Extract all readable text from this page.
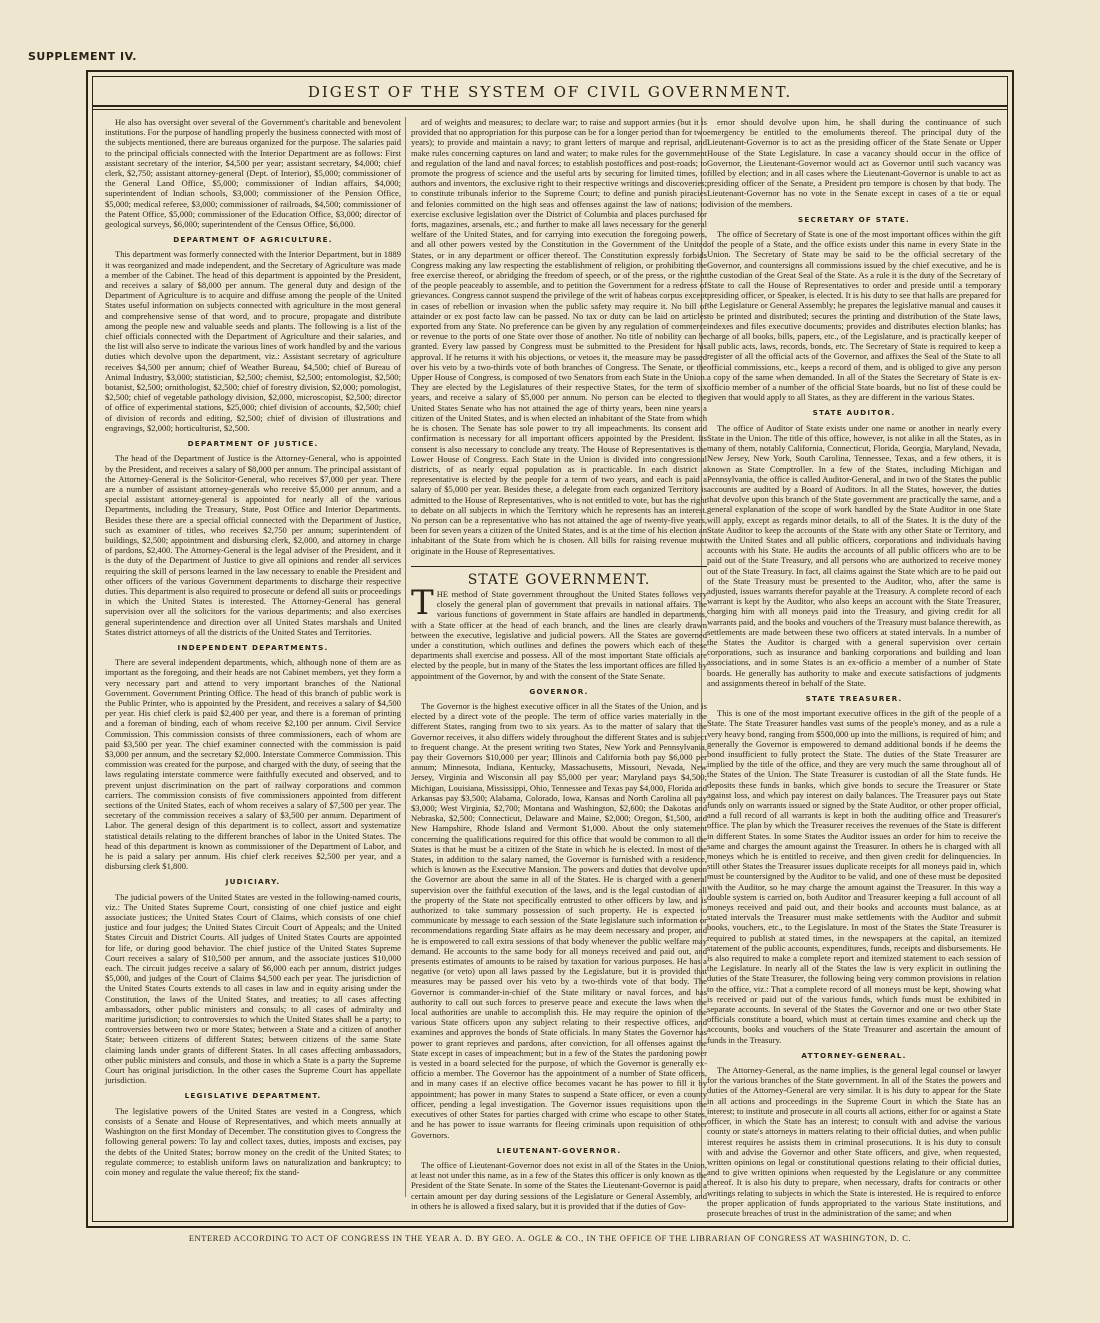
SUPPLEMENT IV.
DIGEST OF THE SYSTEM OF CIVIL GOVERNMENT.

He also has oversight over several of the Government's charitable and benevolent institutions. For the purpose of handling properly the business connected with most of the subjects mentioned, there are bureaus organized for the purpose. The salaries paid to the principal officials connected with the Interior Department are as follows: First assistant secretary of the interior, $4,500 per year; assistant secretary, $4,000; chief clerk, $2,750; assistant attorney-general (Dept. of Interior), $5,000; commissioner of the General Land Office, $5,000; commissioner of Indian affairs, $4,000; superintendent of Indian schools, $3,000; commissioner of the Pension Office, $5,000; medical referee, $3,000; commissioner of railroads, $4,500; commissioner of the Patent Office, $5,000; commissioner of the Education Office, $3,000; director of geological surveys, $6,000; superintendent of the Census Office, $6,000.

DEPARTMENT OF AGRICULTURE.

This department was formerly connected with the Interior Department, but in 1889 it was reorganized and made independent, and the Secretary of Agriculture was made a member of the Cabinet. The head of this department is appointed by the President, and receives a salary of $8,000 per annum. The general duty and design of the Department of Agriculture is to acquire and diffuse among the people of the United States useful information on subjects connected with agriculture in the most general and comprehensive sense of that word, and to procure, propagate and distribute among the people new and valuable seeds and plants. The following is a list of the chief officials connected with the Department of Agriculture and their salaries, and the list will also serve to indicate the various lines of work handled by and the various duties which devolve upon the department, viz.: Assistant secretary of agriculture receives $4,500 per annum; chief of Weather Bureau, $4,500; chief of Bureau of Animal Industry, $3,000; statistician, $2,500; chemist, $2,500; entomologist, $2,500; botanist, $2,500; ornithologist, $2,500; chief of forestry division, $2,000; pomologist, $2,500; chief of vegetable pathology division, $2,000, microscopist, $2,500; director of office of experimental stations, $25,000; chief division of accounts, $2,500; chief of division of records and editing, $2,500; chief of division of illustrations and engravings, $2,000; horticulturist, $2,500.

DEPARTMENT OF JUSTICE.

The head of the Department of Justice is the Attorney-General, who is appointed by the President, and receives a salary of $8,000 per annum. The principal assistant of the Attorney-General is the Solicitor-General, who receives $7,000 per year. There are a number of assistant attorney-generals who receive $5,000 per annum, and a special assistant attorney-general is appointed for nearly all of the various Departments, including the Treasury, State, Post Office and Interior Departments. Besides these there are a special official connected with the Department of Justice, such as examiner of titles, who receives $2,750 per annum; superintendent of buildings, $2,500; appointment and disbursing clerk, $2,000, and attorney in charge of pardons, $2,400. The Attorney-General is the legal adviser of the President, and it is the duty of the Department of Justice to give all opinions and render all services requiring the skill of persons learned in the law necessary to enable the President and other officers of the various Government departments to discharge their respective duties. This department is also required to prosecute or defend all suits or proceedings in which the United States is interested. The Attorney-General has general supervision over all the solicitors for the various departments; and also exercises general superintendence and direction over all United States marshals and United States district attorneys of all the districts of the United States and Territories.

INDEPENDENT DEPARTMENTS.

There are several independent departments, which, although none of them are as important as the foregoing, and their heads are not Cabinet members, yet they form a very necessary part and attend to very important branches of the National Government. Government Printing Office. The head of this branch of public work is the Public Printer, who is appointed by the President, and receives a salary of $4,500 per year. His chief clerk is paid $2,400 per year, and there is a foreman of printing and a foreman of binding, each of whom receive $2,100 per annum. Civil Service Commission. This commission consists of three commissioners, each of whom are paid $3,500 per year. The chief examiner connected with the commission is paid $3,000 per annum, and the secretary $2,000. Interstate Commerce Commission. This commission was created for the purpose, and charged with the duty, of seeing that the laws regulating interstate commerce were faithfully executed and observed, and to prevent unjust discrimination on the part of railway corporations and common carriers. The commission consists of five commissioners appointed from different sections of the United States, each of whom receives a salary of $7,500 per year. The secretary of the commission receives a salary of $3,500 per annum. Department of Labor. The general design of this department is to collect, assort and systematize statistical details relating to the different branches of labor in the United States. The head of this department is known as commissioner of the Department of Labor, and he is paid a salary per annum. His chief clerk receives $2,500 per year, and a disbursing clerk $1,800.

JUDICIARY.

The judicial powers of the United States are vested in the following-named courts, viz.: The United States Supreme Court, consisting of one chief justice and eight associate justices; the United States Court of Claims, which consists of one chief justice and four judges; the United States Circuit Court of Appeals; and the United States Circuit and District Courts. All judges of United States Courts are appointed for life, or during good behavior. The chief justice of the United States Supreme Court receives a salary of $10,500 per annum, and the associate justices $10,000 each. The circuit judges receive a salary of $6,000 each per annum, district judges $5,000, and judges of the Court of Claims $4,500 each per year. The jurisdiction of the United States Courts extends to all cases in law and in equity arising under the Constitution, the laws of the United States, and treaties; to all cases affecting ambassadors, other public ministers and consuls; to all cases of admiralty and maritime jurisdiction; to controversies to which the United States shall be a party; to controversies between two or more States; between a State and a citizen of another State; between citizens of different States; between citizens of the same State claiming lands under grants of different States. In all cases affecting ambassadors, other public ministers and consuls, and those in which a State is a party the Supreme Court has original jurisdiction. In the other cases the Supreme Court has appellate jurisdiction.

LEGISLATIVE DEPARTMENT.

The legislative powers of the United States are vested in a Congress, which consists of a Senate and House of Representatives, and which meets annually at Washington on the first Monday of December. The constitution gives to Congress the following general powers: To lay and collect taxes, duties, imposts and excises, pay the debts of the United States; borrow money on the credit of the United States; to regulate commerce; to establish uniform laws on naturalization and bankruptcy; to coin money and regulate the value thereof; fix the stand-

ard of weights and measures; to declare war; to raise and support armies (but it is provided that no appropriation for this purpose can be for a longer period than for two years); to provide and maintain a navy; to grant letters of marque and reprisal, and make rules concerning captures on land and water; to make rules for the government and regulation of the land and naval forces; to establish postoffices and post-roads; to promote the progress of science and the useful arts by securing for limited times, to authors and inventors, the exclusive right to their respective writings and discoveries; to constitute tribunals inferior to the Supreme Court; to define and punish piracies and felonies committed on the high seas and offenses against the law of nations; to exercise exclusive legislation over the District of Columbia and places purchased for forts, magazines, arsenals, etc.; and further to make all laws necessary for the general welfare of the United States, and for carrying into execution the foregoing powers, and all other powers vested by the Constitution in the Government of the United States, or in any department or officer thereof. The Constitution expressly forbids Congress making any law respecting the establishment of religion, or prohibiting the free exercise thereof, or abridging the freedom of speech, or of the press, or the right of the people peaceably to assemble, and to petition the Government for a redress of grievances. Congress cannot suspend the privilege of the writ of habeas corpus except in cases of rebellion or invasion when the public safety may require it. No bill of attainder or ex post facto law can be passed. No tax or duty can be laid on articles exported from any State. No preference can be given by any regulation of commerce or revenue to the ports of one State over those of another. No title of nobility can be granted. Every law passed by Congress must be submitted to the President for his approval. If he returns it with his objections, or vetoes it, the measure may be passed over his veto by a two-thirds vote of both branches of Congress. The Senate, or the Upper House of Congress, is composed of two Senators from each State in the Union. They are elected by the Legislatures of their respective States, for the term of six years, and receive a salary of $5,000 per annum. No person can be elected to the United States Senate who has not attained the age of thirty years, been nine years a citizen of the United States, and is when elected an inhabitant of the State from which he is chosen. The Senate has sole power to try all impeachments. Its consent and confirmation is necessary for all important officers appointed by the President. Its consent is also necessary to conclude any treaty. The House of Representatives is the Lower House of Congress. Each State in the Union is divided into congressional districts, of as nearly equal population as is practicable. In each district a representative is elected by the people for a term of two years, and each is paid a salary of $5,000 per year. Besides these, a delegate from each organized Territory is admitted to the House of Representatives, who is not entitled to vote, but has the right to debate on all subjects in which the Territory which he represents has an interest. No person can be a representative who has not attained the age of twenty-five years, been for seven years a citizen of the United States, and is at the time of his election an inhabitant of the State from which he is chosen. All bills for raising revenue must originate in the House of Representatives.

STATE GOVERNMENT.

THE method of State government throughout the United States follows very closely the general plan of government that prevails in national affairs. The various functions of government in State affairs are handled in departments, with a State officer at the head of each branch, and the lines are clearly drawn between the executive, legislative and judicial powers. All the States are governed under a constitution, which outlines and defines the powers which each of these departments shall exercise and possess. All of the most important State officials are elected by the people, but in many of the States the less important offices are filled by appointment of the Governor, by and with the consent of the State Senate.

GOVERNOR.

The Governor is the highest executive officer in all the States of the Union, and is elected by a direct vote of the people. The term of office varies materially in the different States, ranging from two to six years. As to the matter of salary that the Governor receives, it also differs widely throughout the different States and is subject to frequent change. At the present writing two States, New York and Pennsylvania, pay their Governors $10,000 per year; Illinois and California both pay $6,000 per annum; Minnesota, Indiana, Kentucky, Massachusetts, Missouri, Nevada, New Jersey, Virginia and Wisconsin all pay $5,000 per year; Maryland pays $4,500; Michigan, Louisiana, Mississippi, Ohio, Tennessee and Texas pay $4,000, Florida and Arkansas pay $3,500; Alabama, Colorado, Iowa, Kansas and North Carolina all pay $3,000; West Virginia, $2,700; Montana and Washington, $2,600; the Dakotas and Nebraska, $2,500; Connecticut, Delaware and Maine, $2,000; Oregon, $1,500, and New Hampshire, Rhode Island and Vermont $1,000. About the only statement concerning the qualifications required for this office that would be common to all the States is that he must be a citizen of the State in which he is elected. In most of the States, in addition to the salary named, the Governor is furnished with a residence, which is known as the Executive Mansion. The powers and duties that devolve upon the Governor are about the same in all of the States. He is charged with a general supervision over the faithful execution of the laws, and is the legal custodian of all the property of the State not specifically entrusted to other officers by law, and is authorized to take summary possession of such property. He is expected to communicate by message to each session of the State legislature such information or recommendations regarding State affairs as he may deem necessary and proper, and he is empowered to call extra sessions of that body whenever the public welfare may demand. He accounts to the same body for all moneys received and paid out, and presents estimates of amounts to be raised by taxation for various purposes. He has a negative (or veto) upon all laws passed by the Legislature, but it is provided that measures may be passed over his veto by a two-thirds vote of that body. The Governor is commander-in-chief of the State military or naval forces, and has authority to call out such forces to preserve peace and execute the laws when the local authorities are unable to accomplish this. He may require the opinion of the various State officers upon any subject relating to their respective offices, and examines and approves the bonds of State officials. In many States the Governor has power to grant reprieves and pardons, after conviction, for all offenses against the State except in cases of impeachment; but in a few of the States the pardoning power is vested in a board selected for the purpose, of which the Governor is generally ex-officio a member. The Governor has the appointment of a number of State officers, and in many cases if an elective office becomes vacant he has power to fill it by appointment; has power in many States to suspend a State officer, or even a county officer, pending a legal investigation. The Governor issues requisitions upon the executives of other States for parties charged with crime who escape to other States, and he has power to issue warrants for fleeing criminals upon requisition of other Governors.

LIEUTENANT-GOVERNOR.

The office of Lieutenant-Governor does not exist in all of the States in the Union, at least not under this name, as in a few of the States this officer is only known as the President of the State Senate. In some of the States the Lieutenant-Governor is paid a certain amount per day during sessions of the Legislature or General Assembly, and in others he is allowed a fixed salary, but it is provided that if the duties of Gov-

ernor should devolve upon him, he shall during the continuance of such emergency be entitled to the emoluments thereof. The principal duty of the Lieutenant-Governor is to act as the presiding officer of the State Senate or Upper House of the State Legislature. In case a vacancy should occur in the office of Governor, the Lieutenant-Governor would act as Governor until such vacancy was filled by election; and in all cases where the Lieutenant-Governor is unable to act as presiding officer of the Senate, a President pro tempore is chosen by that body. The Lieutenant-Governor has no vote in the Senate except in cases of a tie or equal division of the members.

SECRETARY OF STATE.

The office of Secretary of State is one of the most important offices within the gift of the people of a State, and the office exists under this name in every State in the Union. The Secretary of State may be said to be the official secretary of the Governor, and countersigns all commissions issued by the chief executive, and he is the custodian of the Great Seal of the State. As a rule it is the duty of the Secretary of State to call the House of Representatives to order and preside until a temporary presiding officer, or Speaker, is elected. It is his duty to see that halls are prepared for the Legislature or General Assembly; he prepares the legislative manual and causes it to be printed and distributed; secures the printing and distribution of the State laws, indexes and files executive documents; provides and distributes election blanks; has charge of all books, bills, papers, etc., of the Legislature, and is practically keeper of all public acts, laws, records, bonds, etc. The Secretary of State is required to keep a register of all the official acts of the Governor, and affixes the Seal of the State to all official commissions, etc., keeps a record of them, and is obliged to give any person a copy of the same when demanded. In all of the States the Secretary of State is ex-officio member of a number of the official State boards, but no list of these could be given that would apply to all States, as they are different in the various States.

STATE AUDITOR.

The office of Auditor of State exists under one name or another in nearly every State in the Union. The title of this office, however, is not alike in all the States, as in many of them, notably California, Connecticut, Florida, Georgia, Maryland, Nevada, New Jersey, New York, South Carolina, Tennessee, Texas, and a few others, it is known as State Comptroller. In a few of the States, including Michigan and Pennsylvania, the office is called Auditor-General, and in two of the States the public accounts are audited by a Board of Auditors. In all the States, however, the duties that devolve upon this branch of the State government are practically the same, and a general explanation of the scope of work handled by the State Auditor in one State will apply, except as regards minor details, to all of the States. It is the duty of the State Auditor to keep the accounts of the State with any other State or Territory, and with the United States and all public officers, corporations and individuals having accounts with his State. He audits the accounts of all public officers who are to be paid out of the State Treasury, and all persons who are authorized to receive money out of the State Treasury. In fact, all claims against the State which are to be paid out of the State Treasury must be presented to the Auditor, who, after the same is adjusted, issues warrants therefor payable at the Treasury. A complete record of each warrant is kept by the Auditor, who also keeps an account with the State Treasurer, charging him with all moneys paid into the Treasury, and giving credit for all warrants paid, and the books and vouchers of the Treasury must balance therewith, as settlements are made between these two officers at stated intervals. In a number of the States the Auditor is charged with a general supervision over certain corporations, such as insurance and banking corporations and building and loan associations, and in some States is an ex-officio a member of a number of State boards. He generally has authority to make and execute satisfactions of judgments and assignments thereof in behalf of the State.

STATE TREASURER.

This is one of the most important executive offices in the gift of the people of a State. The State Treasurer handles vast sums of the people's money, and as a rule a very heavy bond, ranging from $500,000 up into the millions, is required of him; and generally the Governor is empowered to demand additional bonds if he deems the bond insufficient to fully protect the State. The duties of the State Treasurer are implied by the title of the office, and they are very much the same throughout all of the States of the Union. The State Treasurer is custodian of all the State funds. He deposits these funds in banks, which give bonds to secure the Treasurer or State against loss, and which pay interest on daily balances. The Treasurer pays out State funds only on warrants issued or signed by the State Auditor, or other proper official, and a full record of all warrants is kept in both the auditing office and Treasurer's office. The plan by which the Treasurer receives the revenues of the State is different in different States. In some States the Auditor issues an order for him to receive the same and charges the amount against the Treasurer. In others he is charged with all moneys which he is entitled to receive, and then given credit for delinquencies. In still other States the Treasurer issues duplicate receipts for all moneys paid in, which must be countersigned by the Auditor to be valid, and one of these must be deposited with the Auditor, so he may charge the amount against the Treasurer. In this way a double system is carried on, both Auditor and Treasurer keeping a full account of all moneys received and paid out, and their books and accounts must balance, as at stated intervals the Treasurer must make settlements with the Auditor and submit books, vouchers, etc., to the Legislature. In most of the States the State Treasurer is required to publish at stated times, in the newspapers at the capital, an itemized statement of the public accounts, expenditures, funds, receipts and disbursements. He is also required to make a complete report and itemized statement to each session of the Legislature. In nearly all of the States the law is very explicit in outlining the duties of the State Treasurer, the following being very common provisions in relation to the office, viz.: That a complete record of all moneys must be kept, showing what is received or paid out of the various funds, which funds must be exhibited in separate accounts. In several of the States the Governor and one or two other State officials constitute a board, which must at certain times examine and check up the accounts, books and vouchers of the State Treasurer and ascertain the amount of funds in the Treasury.

ATTORNEY-GENERAL.

The Attorney-General, as the name implies, is the general legal counsel or lawyer for the various branches of the State government. In all of the States the powers and duties of the Attorney-General are very similar. It is his duty to appear for the State in all actions and proceedings in the Supreme Court in which the State has an interest; to institute and prosecute in all courts all actions, either for or against a State officer, in which the State has an interest; to consult with and advise the various county or state's attorneys in matters relating to their official duties, and when public interest requires he assists them in criminal prosecutions. It is his duty to consult with and advise the Governor and other State officers, and give, when requested, written opinions on legal or constitutional questions relating to their official duties, and to give written opinions when requested by the Legislature or any committee thereof. It is also his duty to prepare, when necessary, drafts for contracts or other writings relating to subjects in which the State is interested. He is required to enforce the proper application of funds appropriated to the various State institutions, and prosecute breaches of trust in the administration of the same; and when

ENTERED ACCORDING TO ACT OF CONGRESS IN THE YEAR A. D. BY GEO. A. OGLE & CO., IN THE OFFICE OF THE LIBRARIAN OF CONGRESS AT WASHINGTON, D. C.
